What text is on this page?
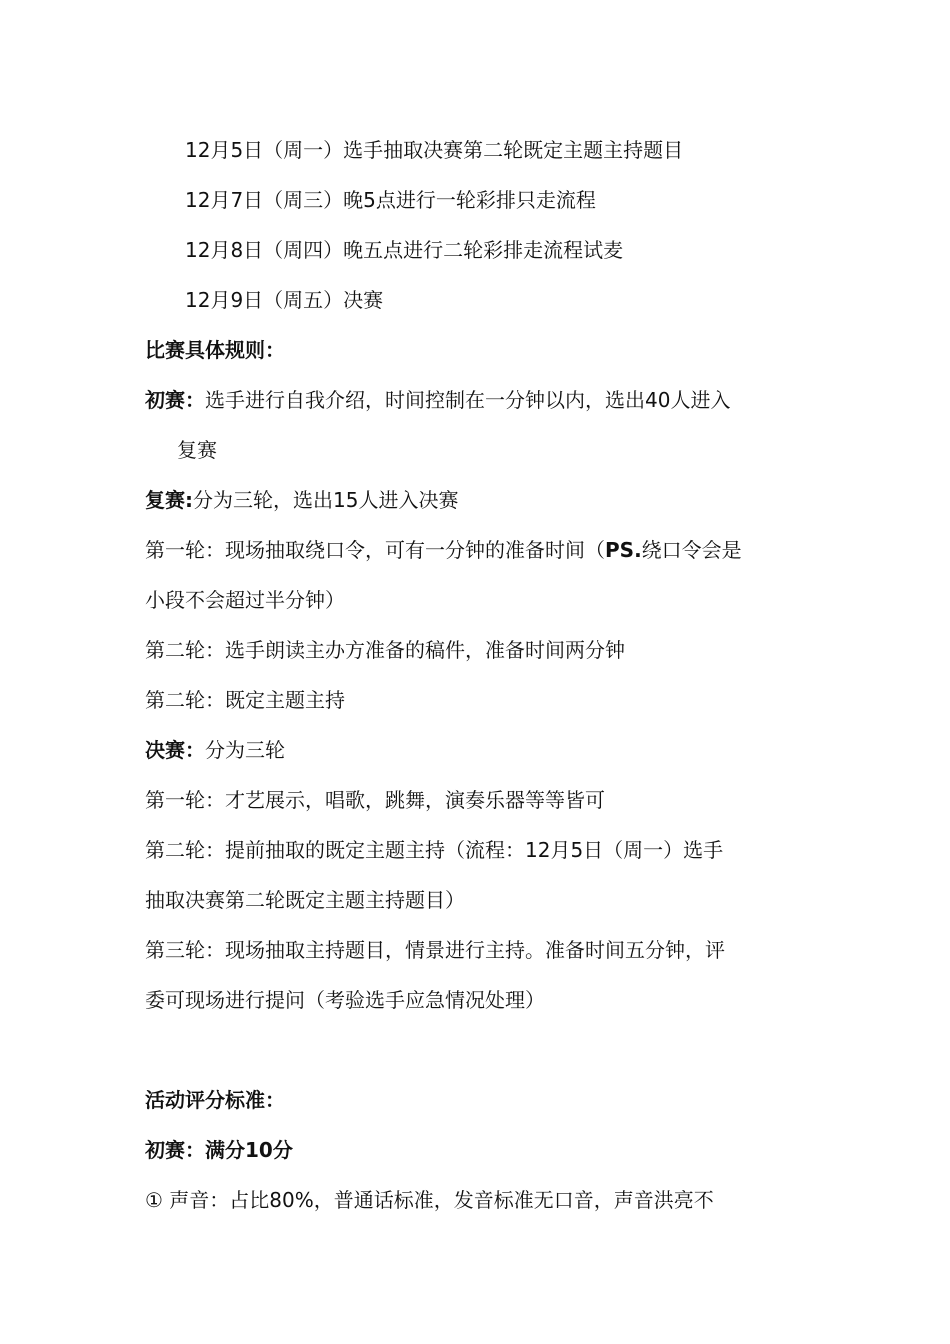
12月5日（周一）选手抽取决赛第二轮既定主题主持题目
12月7日（周三）晚5点进行一轮彩排只走流程
12月8日（周四）晚五点进行二轮彩排走流程试麦
12月9日（周五）决赛
比赛具体规则：
初赛：选手进行自我介绍，时间控制在一分钟以内，选出40人进入
复赛
复赛:分为三轮，选出15人进入决赛
第一轮：现场抽取绕口令，可有一分钟的准备时间（PS.绕口令会是
小段不会超过半分钟）
第二轮：选手朗读主办方准备的稿件，准备时间两分钟
第二轮：既定主题主持
决赛：分为三轮
第一轮：才艺展示，唱歌，跳舞，演奏乐器等等皆可
第二轮：提前抽取的既定主题主持（流程：12月5日（周一）选手
抽取决赛第二轮既定主题主持题目）
第三轮：现场抽取主持题目，情景进行主持。准备时间五分钟，评
委可现场进行提问（考验选手应急情况处理）
活动评分标准：
初赛：满分10分
① 声音：占比80%，普通话标准，发音标准无口音，声音洪亮不
